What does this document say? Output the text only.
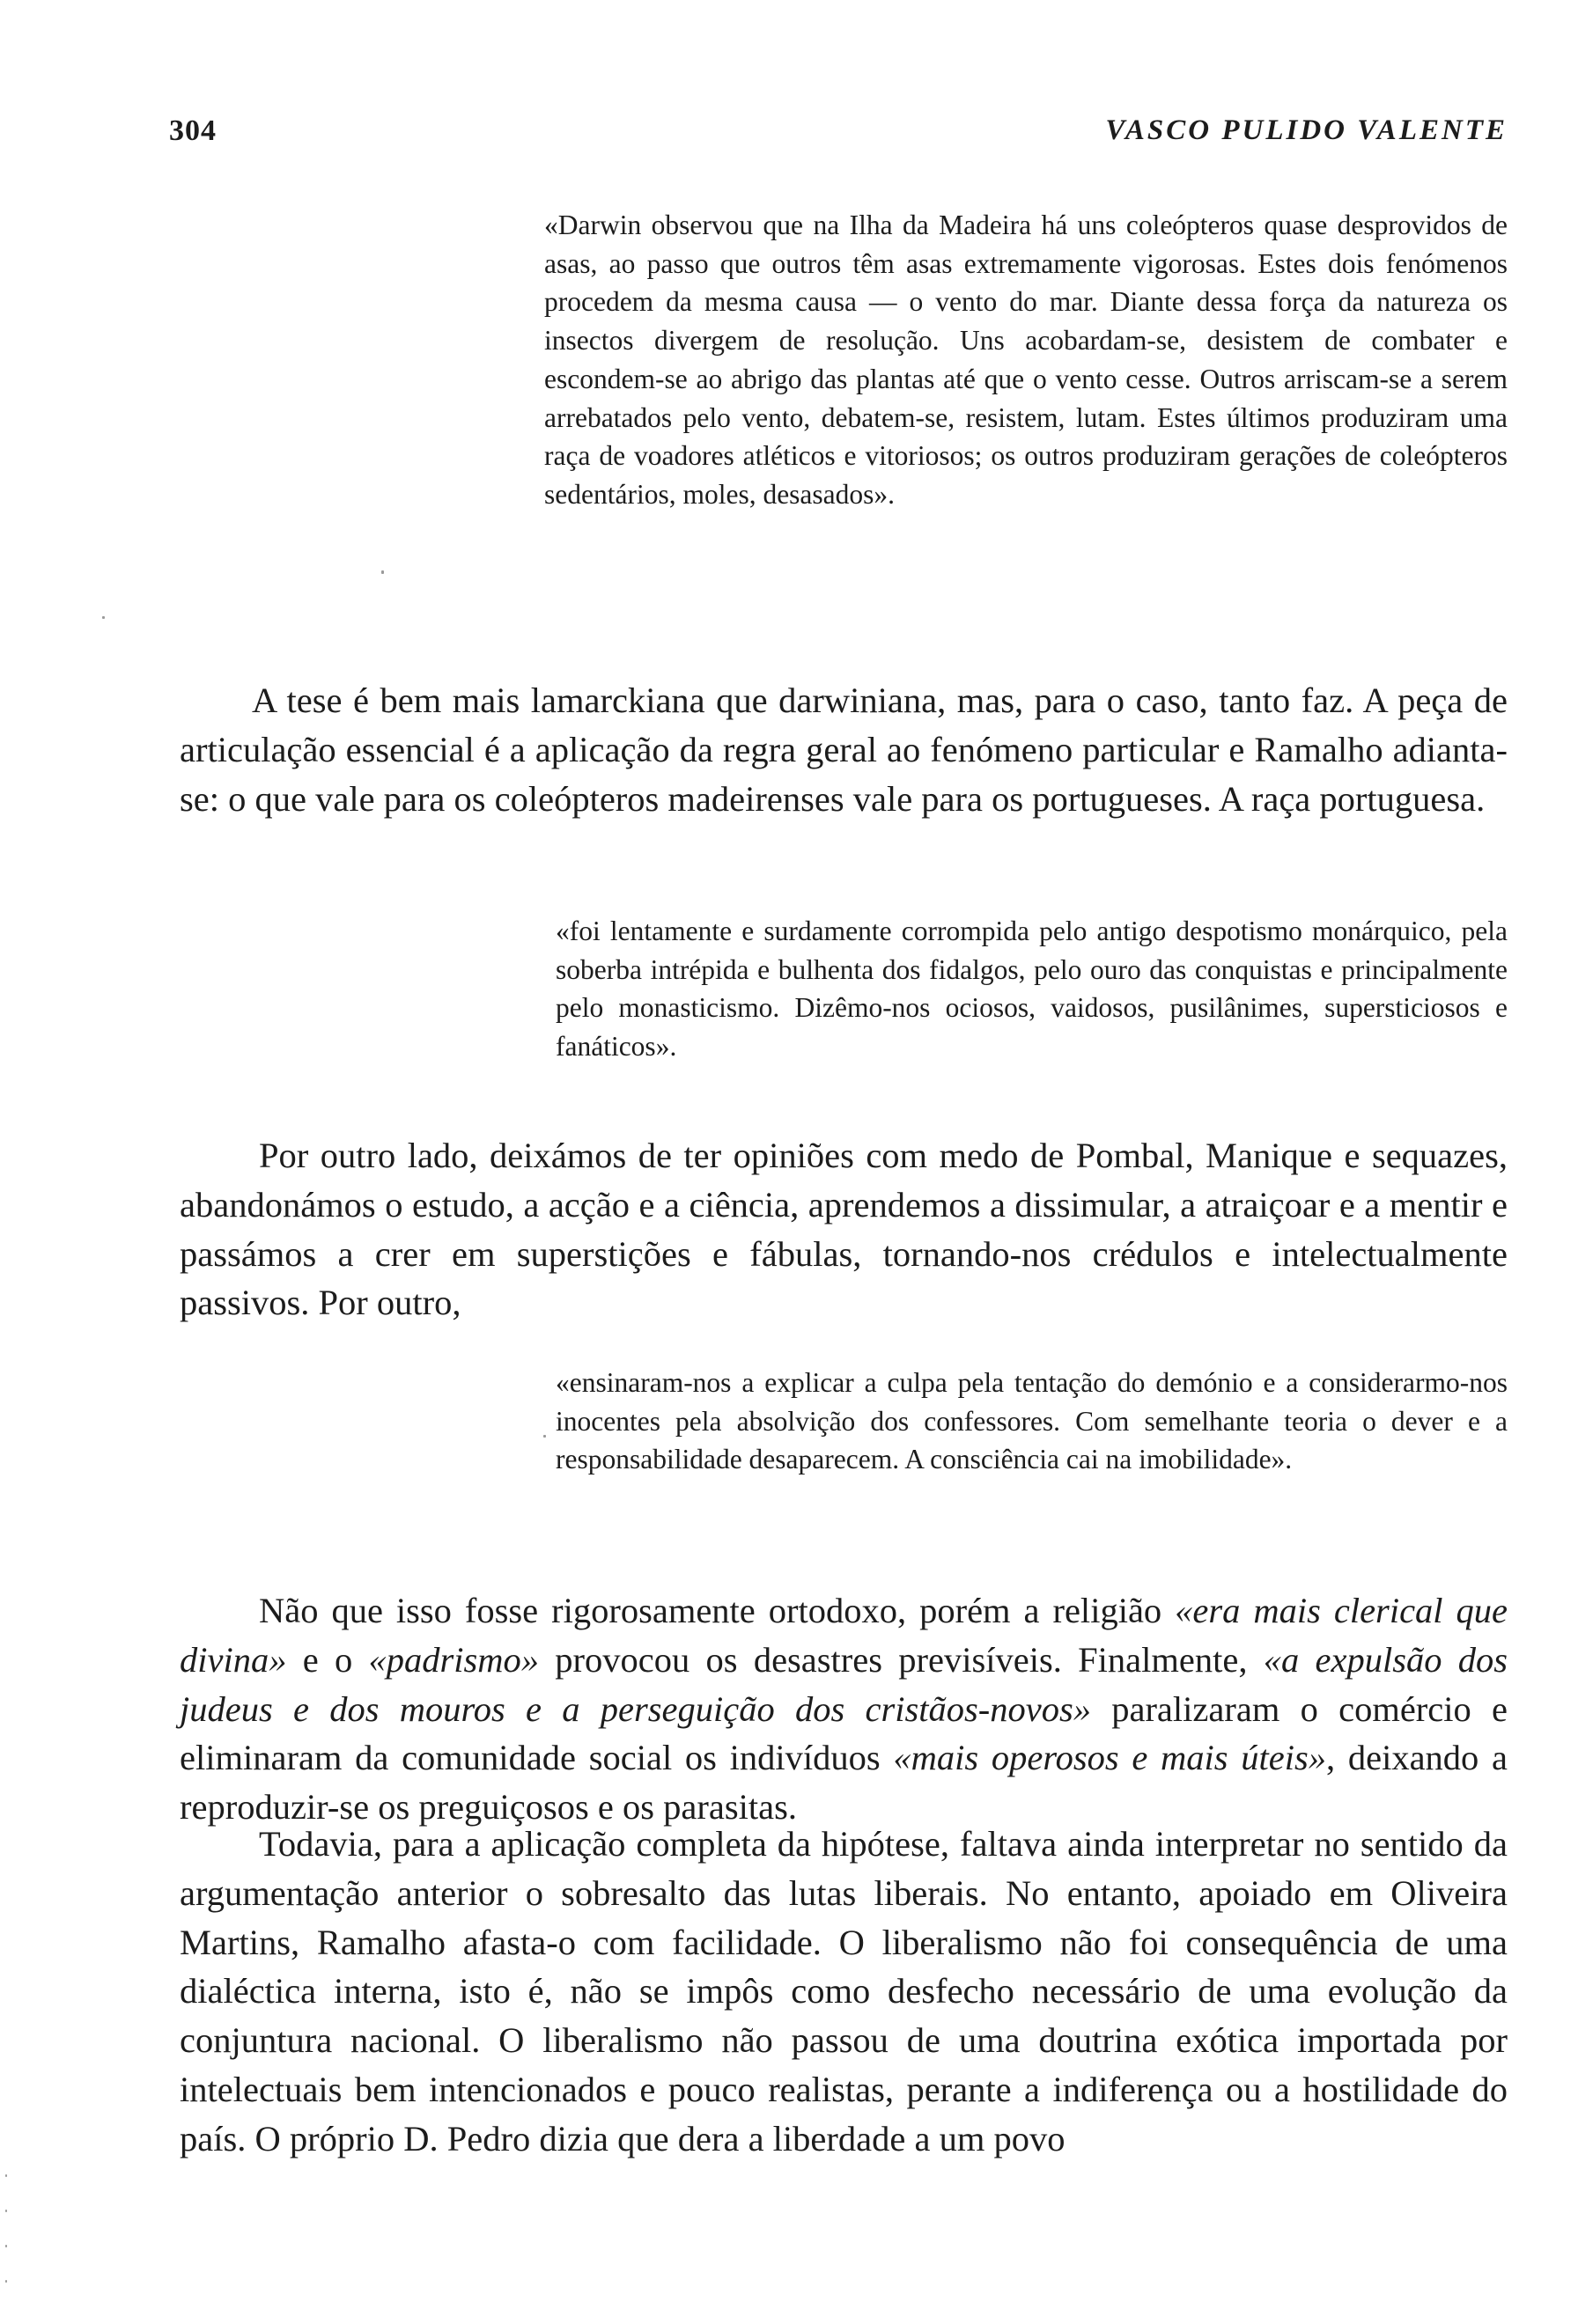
304	VASCO PULIDO VALENTE

«Darwin observou que na Ilha da Madeira há uns coleópteros quase desprovidos de asas, ao passo que outros têm asas extremamente vigorosas. Estes dois fenómenos procedem da mesma causa — o vento do mar. Diante dessa força da natureza os insectos divergem de resolução. Uns acobardam-se, desistem de combater e escondem-se ao abrigo das plantas até que o vento cesse. Outros arriscam-se a serem arrebatados pelo vento, debatem-se, resistem, lutam. Estes últimos produziram uma raça de voadores atléticos e vitoriosos; os outros produziram gerações de coleópteros sedentários, moles, desasados».

A tese é bem mais lamarckiana que darwiniana, mas, para o caso, tanto faz. A peça de articulação essencial é a aplicação da regra geral ao fenómeno particular e Ramalho adianta-se: o que vale para os coleópteros madeirenses vale para os portugueses. A raça portuguesa.

«foi lentamente e surdamente corrompida pelo antigo despotismo monárquico, pela soberba intrépida e bulhenta dos fidalgos, pelo ouro das conquistas e principalmente pelo monasticismo. Dizêmo-nos ociosos, vaidosos, pusilânimes, supersticiosos e fanáticos».

Por outro lado, deixámos de ter opiniões com medo de Pombal, Manique e sequazes, abandonámos o estudo, a acção e a ciência, aprendemos a dissimular, a atraiçoar e a mentir e passámos a crer em superstições e fábulas, tornando-nos crédulos e intelectualmente passivos. Por outro,

«ensinaram-nos a explicar a culpa pela tentação do demónio e a considerarmo-nos inocentes pela absolvição dos confessores. Com semelhante teoria o dever e a responsabilidade desaparecem. A consciência cai na imobilidade».

Não que isso fosse rigorosamente ortodoxo, porém a religião «era mais clerical que divina» e o «padrismo» provocou os desastres previsíveis. Finalmente, «a expulsão dos judeus e dos mouros e a perseguição dos cristãos-novos» paralizaram o comércio e eliminaram da comunidade social os indivíduos «mais operosos e mais úteis», deixando a reproduzir-se os preguiçosos e os parasitas.

Todavia, para a aplicação completa da hipótese, faltava ainda interpretar no sentido da argumentação anterior o sobresalto das lutas liberais. No entanto, apoiado em Oliveira Martins, Ramalho afasta-o com facilidade. O liberalismo não foi consequência de uma dialéctica interna, isto é, não se impôs como desfecho necessário de uma evolução da conjuntura nacional. O liberalismo não passou de uma doutrina exótica importada por intelectuais bem intencionados e pouco realistas, perante a indiferença ou a hostilidade do país. O próprio D. Pedro dizia que dera a liberdade a um povo
